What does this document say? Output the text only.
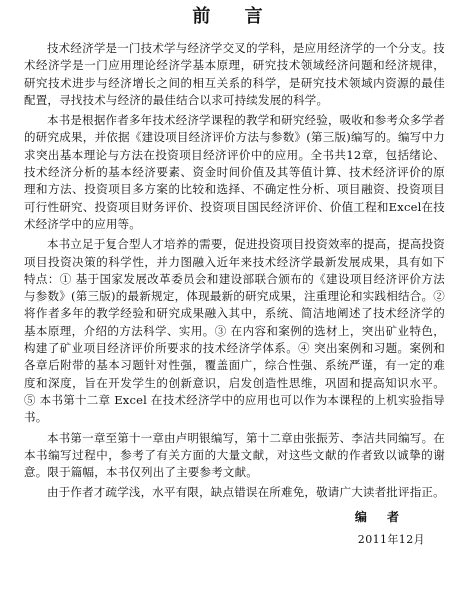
前 言

技术经济学是一门技术学与经济学交叉的学科，是应用经济学的一个分支。技术经济学是一门应用理论经济学基本原理，研究技术领域经济问题和经济规律，研究技术进步与经济增长之间的相互关系的科学，是研究技术领域内资源的最佳配置，寻找技术与经济的最佳结合以求可持续发展的科学。

本书是根据作者多年技术经济学课程的教学和研究经验，吸收和参考众多学者的研究成果，并依据《建设项目经济评价方法与参数》(第三版)编写的。编写中力求突出基本理论与方法在投资项目经济评价中的应用。全书共12章，包括绪论、技术经济分析的基本经济要素、资金时间价值及其等值计算、技术经济评价的原理和方法、投资项目多方案的比较和选择、不确定性分析、项目融资、投资项目可行性研究、投资项目财务评价、投资项目国民经济评价、价值工程和Excel在技术经济学中的应用等。

本书立足于复合型人才培养的需要，促进投资项目投资效率的提高，提高投资项目投资决策的科学性，并力图融入近年来技术经济学最新发展成果，具有如下特点：① 基于国家发展改革委员会和建设部联合颁布的《建设项目经济评价方法与参数》(第三版)的最新规定，体现最新的研究成果，注重理论和实践相结合。② 将作者多年的教学经验和研究成果融入其中，系统、简洁地阐述了技术经济学的基本原理，介绍的方法科学、实用。③ 在内容和案例的选材上，突出矿业特色，构建了矿业项目经济评价所要求的技术经济学体系。④ 突出案例和习题。案例和各章后附带的基本习题针对性强，覆盖面广，综合性强、系统严谨，有一定的难度和深度，旨在开发学生的创新意识，启发创造性思维，巩固和提高知识水平。⑤ 本书第十二章 Excel 在技术经济学中的应用也可以作为本课程的上机实验指导书。

本书第一章至第十一章由卢明银编写，第十二章由张振芳、李洁共同编写。在本书编写过程中，参考了有关方面的大量文献，对这些文献的作者致以诚挚的谢意。限于篇幅，本书仅列出了主要参考文献。

由于作者才疏学浅，水平有限，缺点错误在所难免，敬请广大读者批评指正。

编 者
2011年12月
